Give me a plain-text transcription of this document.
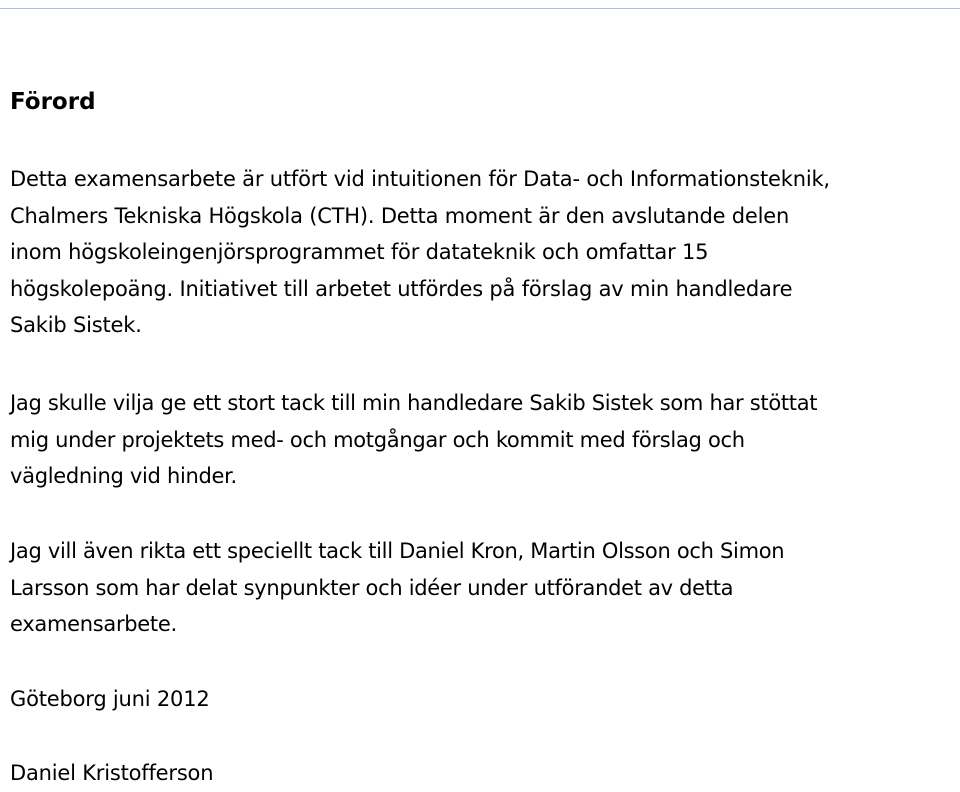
Förord

Detta examensarbete är utfört vid intuitionen för Data- och Informationsteknik,
Chalmers Tekniska Högskola (CTH). Detta moment är den avslutande delen
inom högskoleingenjörsprogrammet för datateknik och omfattar 15
högskolepoäng. Initiativet till arbetet utfördes på förslag av min handledare
Sakib Sistek.

Jag skulle vilja ge ett stort tack till min handledare Sakib Sistek som har stöttat
mig under projektets med- och motgångar och kommit med förslag och
vägledning vid hinder.

Jag vill även rikta ett speciellt tack till Daniel Kron, Martin Olsson och Simon
Larsson som har delat synpunkter och idéer under utförandet av detta
examensarbete.

Göteborg juni 2012

Daniel Kristofferson
